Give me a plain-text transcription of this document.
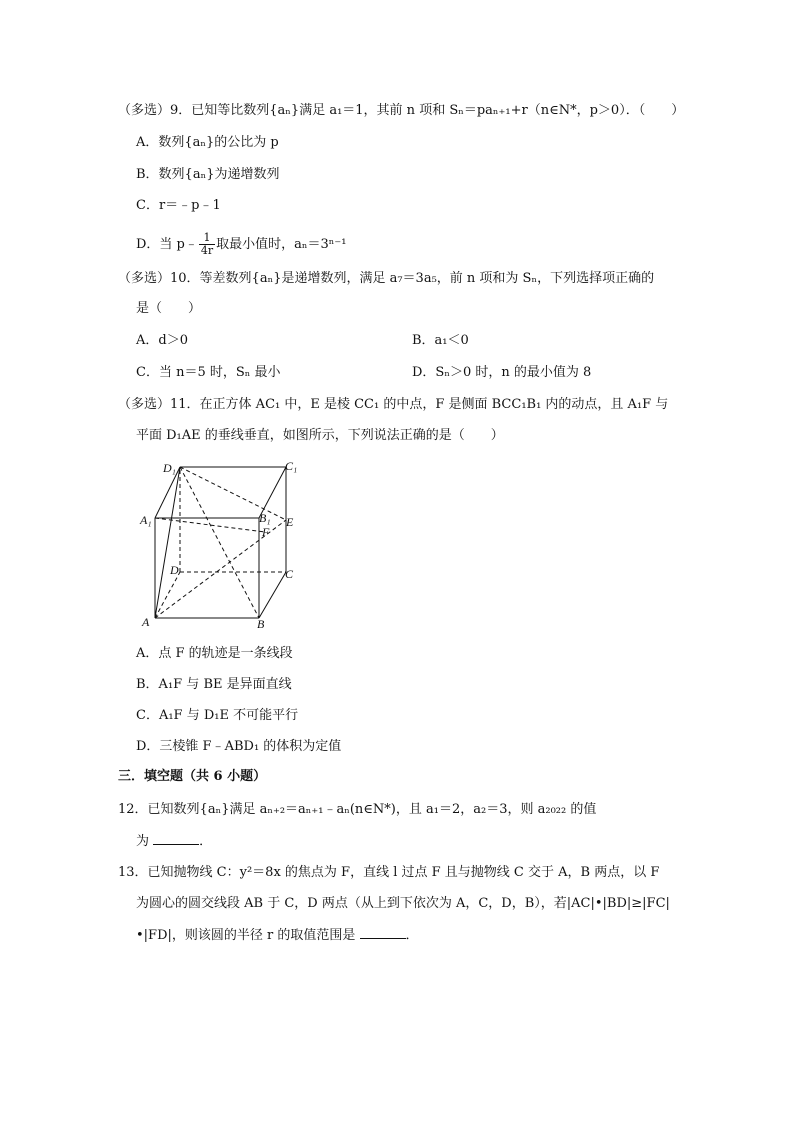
（多选）9．已知等比数列{aₙ}满足 a₁＝1，其前 n 项和 Sₙ＝paₙ₊₁+r（n∈N*，p＞0）．（　　）
A．数列{aₙ}的公比为 p
B．数列{aₙ}为递增数列
C．r＝﹣p﹣1
D．当 p﹣ $\frac{1}{4r}$ 取最小值时，aₙ＝3ⁿ⁻¹
（多选）10．等差数列{aₙ}是递增数列，满足 a₇＝3a₅，前 n 项和为 Sₙ，下列选择项正确的
是（　　）
A．d＞0	B．a₁＜0
C．当 n＝5 时，Sₙ 最小	D．Sₙ＞0 时，n 的最小值为 8
（多选）11．在正方体 AC₁ 中，E 是棱 CC₁ 的中点，F 是侧面 BCC₁B₁ 内的动点，且 A₁F 与
平面 D₁AE 的垂线垂直，如图所示，下列说法正确的是（　　）
D₁	C₁
A₁	B₁ E
F
D	C
A	B
A．点 F 的轨迹是一条线段
B．A₁F 与 BE 是异面直线
C．A₁F 与 D₁E 不可能平行
D．三棱锥 F﹣ABD₁ 的体积为定值
三．填空题（共 6 小题）
12．已知数列{aₙ}满足 aₙ₊₂＝aₙ₊₁﹣aₙ(n∈N*)，且 a₁＝2，a₂＝3，则 a₂₀₂₂ 的值
为	．
13．已知抛物线 C：y²＝8x 的焦点为 F，直线 l 过点 F 且与抛物线 C 交于 A，B 两点，以 F
为圆心的圆交线段 AB 于 C，D 两点（从上到下依次为 A，C，D，B），若|AC|•|BD|≥|FC|
•|FD|，则该圆的半径 r 的取值范围是	．
